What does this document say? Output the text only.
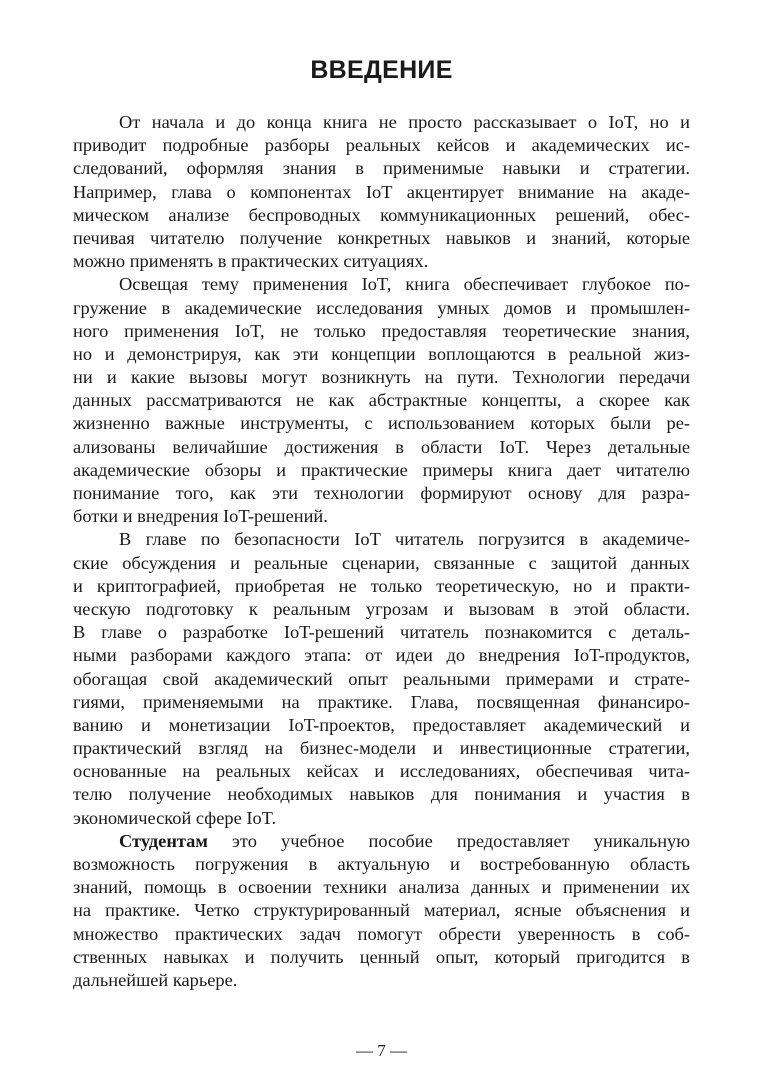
ВВЕДЕНИЕ
От начала и до конца книга не просто рассказывает о IoT, но и
приводит подробные разборы реальных кейсов и академических ис-
следований, оформляя знания в применимые навыки и стратегии.
Например, глава о компонентах IoT акцентирует внимание на акаде-
мическом анализе беспроводных коммуникационных решений, обес-
печивая читателю получение конкретных навыков и знаний, которые
можно применять в практических ситуациях.
Освещая тему применения IoT, книга обеспечивает глубокое по-
гружение в академические исследования умных домов и промышлен-
ного применения IoT, не только предоставляя теоретические знания,
но и демонстрируя, как эти концепции воплощаются в реальной жиз-
ни и какие вызовы могут возникнуть на пути. Технологии передачи
данных рассматриваются не как абстрактные концепты, а скорее как
жизненно важные инструменты, с использованием которых были ре-
ализованы величайшие достижения в области IoT. Через детальные
академические обзоры и практические примеры книга дает читателю
понимание того, как эти технологии формируют основу для разра-
ботки и внедрения IoT-решений.
В главе по безопасности IoT читатель погрузится в академиче-
ские обсуждения и реальные сценарии, связанные с защитой данных
и криптографией, приобретая не только теоретическую, но и практи-
ческую подготовку к реальным угрозам и вызовам в этой области.
В главе о разработке IoT-решений читатель познакомится с деталь-
ными разборами каждого этапа: от идеи до внедрения IoT-продуктов,
обогащая свой академический опыт реальными примерами и страте-
гиями, применяемыми на практике. Глава, посвященная финансиро-
ванию и монетизации IoT-проектов, предоставляет академический и
практический взгляд на бизнес-модели и инвестиционные стратегии,
основанные на реальных кейсах и исследованиях, обеспечивая чита-
телю получение необходимых навыков для понимания и участия в
экономической сфере IoT.
Студентам это учебное пособие предоставляет уникальную
возможность погружения в актуальную и востребованную область
знаний, помощь в освоении техники анализа данных и применении их
на практике. Четко структурированный материал, ясные объяснения и
множество практических задач помогут обрести уверенность в соб-
ственных навыках и получить ценный опыт, который пригодится в
дальнейшей карьере.
— 7 —
